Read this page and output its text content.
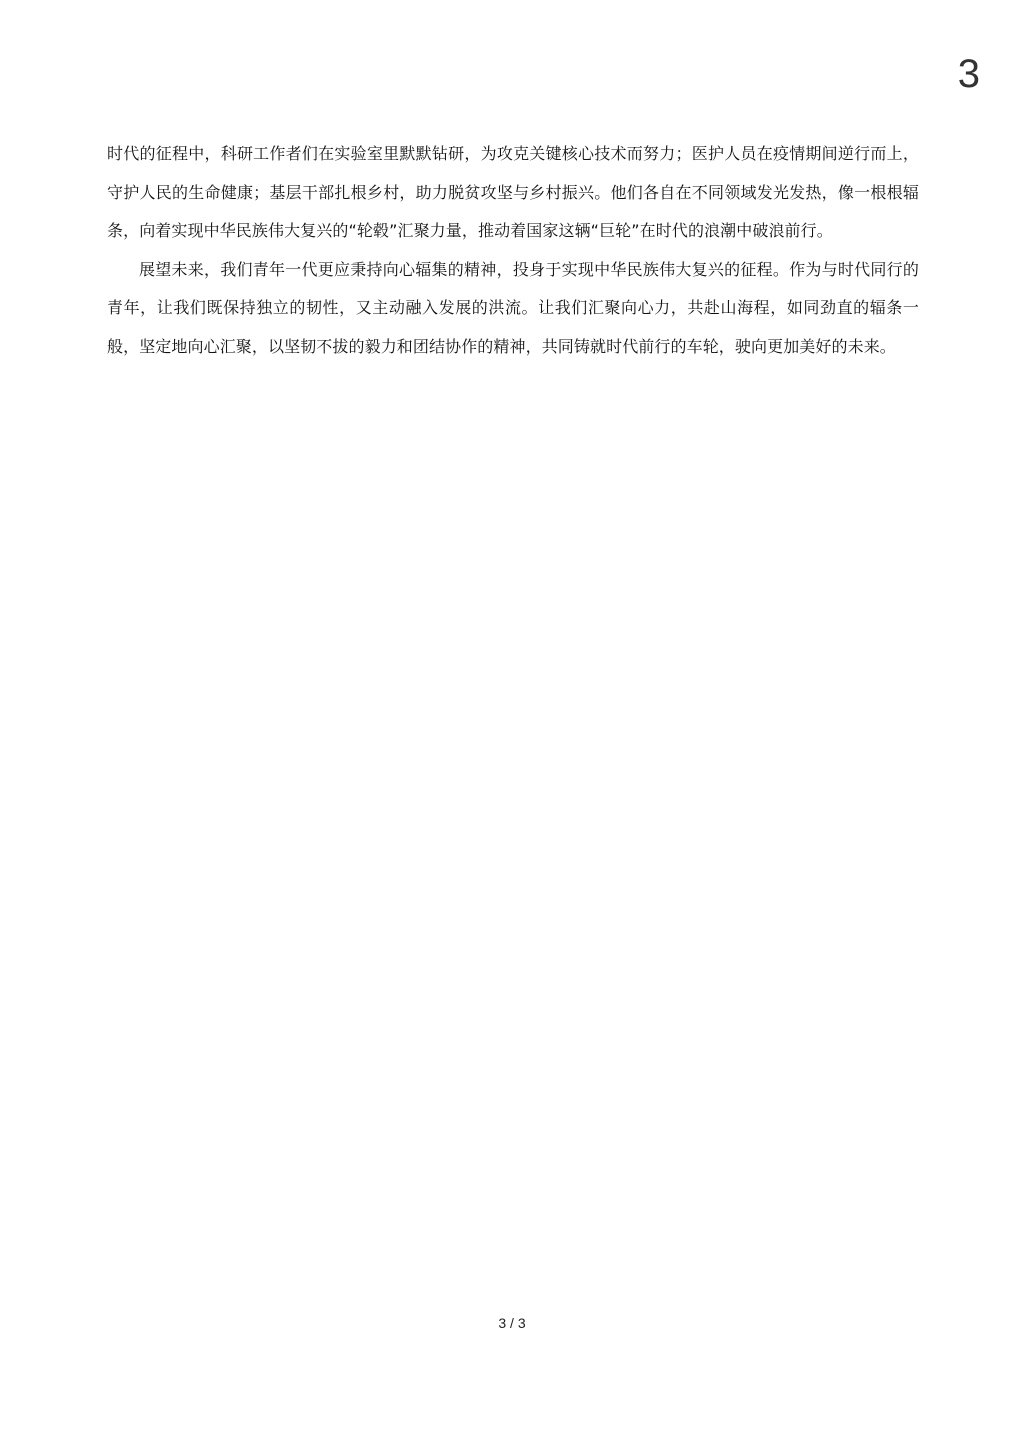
3

时代的征程中，科研工作者们在实验室里默默钻研，为攻克关键核心技术而努力；医护人员在疫情期间逆行而上，守护人民的生命健康；基层干部扎根乡村，助力脱贫攻坚与乡村振兴。他们各自在不同领域发光发热，像一根根辐条，向着实现中华民族伟大复兴的“轮毂”汇聚力量，推动着国家这辆“巨轮”在时代的浪潮中破浪前行。

展望未来，我们青年一代更应秉持向心辐集的精神，投身于实现中华民族伟大复兴的征程。作为与时代同行的青年，让我们既保持独立的韧性，又主动融入发展的洪流。让我们汇聚向心力，共赴山海程，如同劲直的辐条一般，坚定地向心汇聚，以坚韧不拔的毅力和团结协作的精神，共同铸就时代前行的车轮，驶向更加美好的未来。

3 / 3
